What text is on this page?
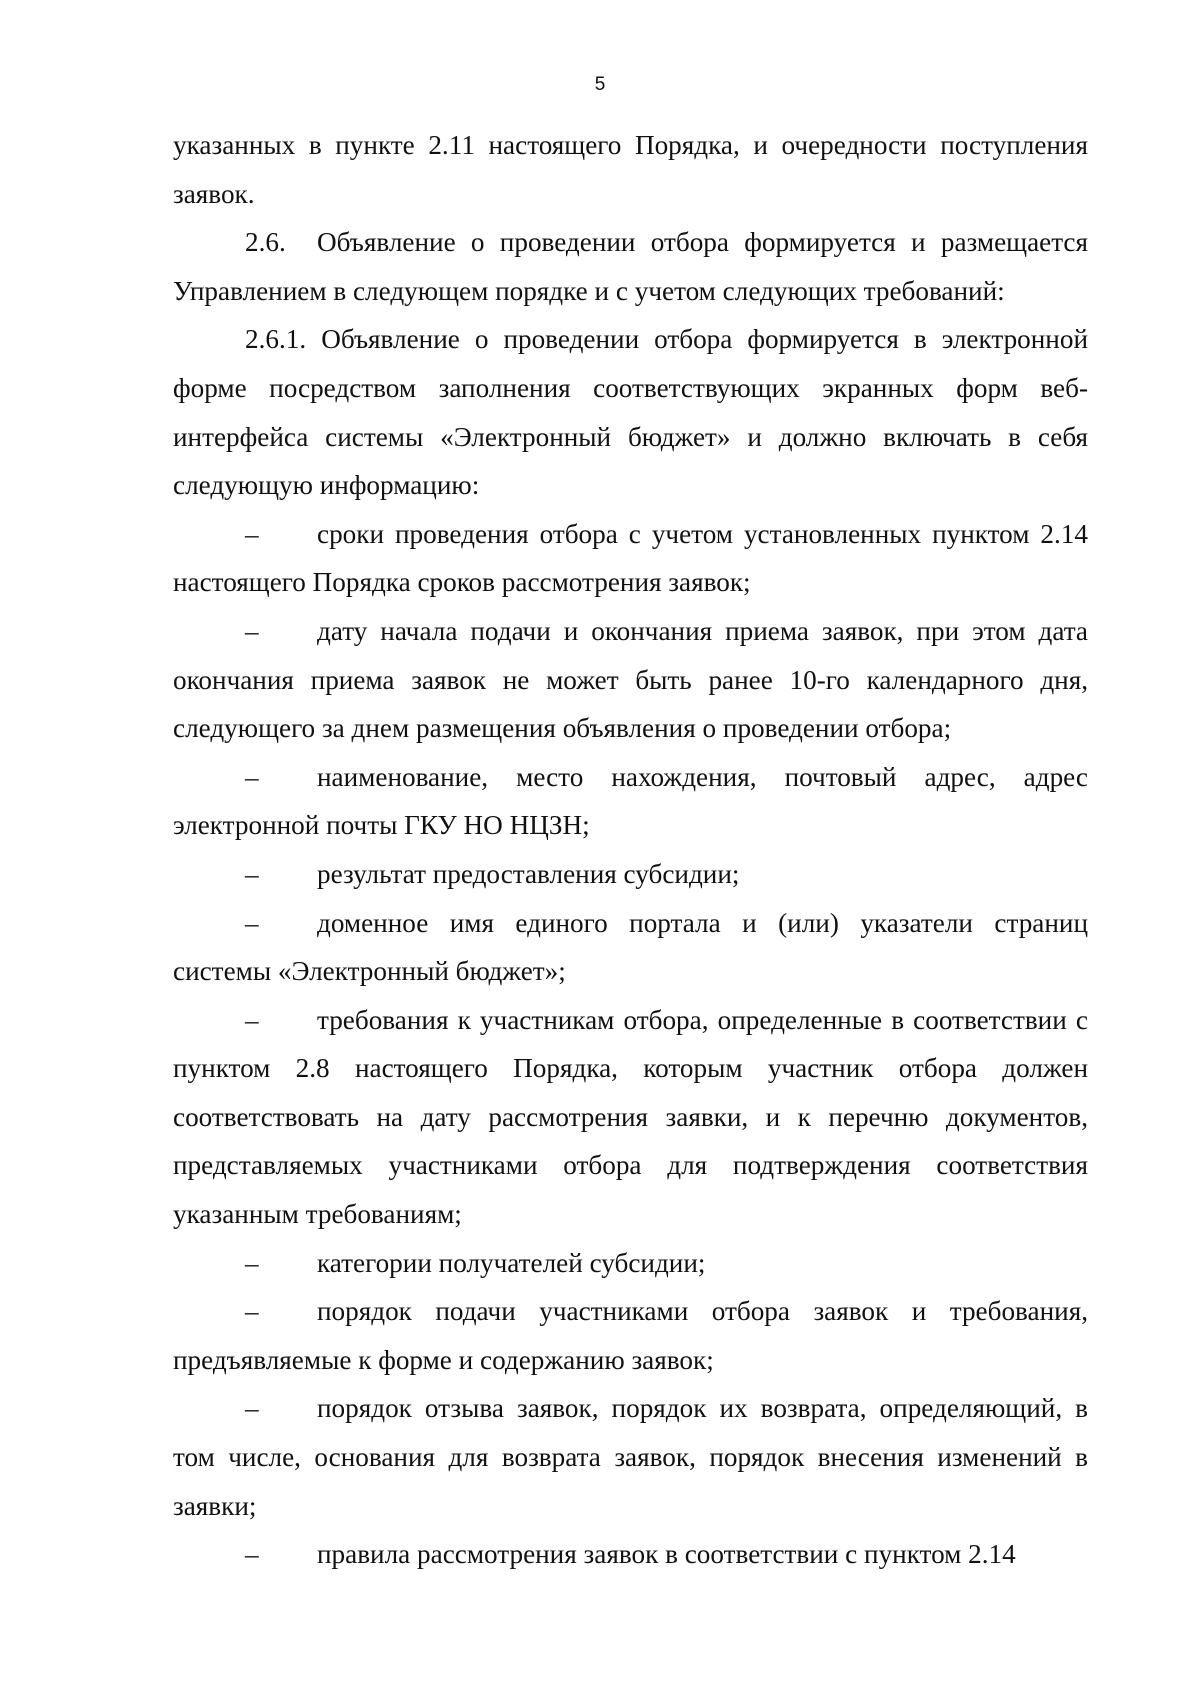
5

указанных в пункте 2.11 настоящего Порядка, и очередности поступления заявок.

2.6. Объявление о проведении отбора формируется и размещается Управлением в следующем порядке и с учетом следующих требований:

2.6.1. Объявление о проведении отбора формируется в электронной форме посредством заполнения соответствующих экранных форм веб-интерфейса системы «Электронный бюджет» и должно включать в себя следующую информацию:

– сроки проведения отбора с учетом установленных пунктом 2.14 настоящего Порядка сроков рассмотрения заявок;

– дату начала подачи и окончания приема заявок, при этом дата окончания приема заявок не может быть ранее 10-го календарного дня, следующего за днем размещения объявления о проведении отбора;

– наименование, место нахождения, почтовый адрес, адрес электронной почты ГКУ НО НЦЗН;

– результат предоставления субсидии;

– доменное имя единого портала и (или) указатели страниц системы «Электронный бюджет»;

– требования к участникам отбора, определенные в соответствии с пунктом 2.8 настоящего Порядка, которым участник отбора должен соответствовать на дату рассмотрения заявки, и к перечню документов, представляемых участниками отбора для подтверждения соответствия указанным требованиям;

– категории получателей субсидии;

– порядок подачи участниками отбора заявок и требования, предъявляемые к форме и содержанию заявок;

– порядок отзыва заявок, порядок их возврата, определяющий, в том числе, основания для возврата заявок, порядок внесения изменений в заявки;

– правила рассмотрения заявок в соответствии с пунктом 2.14
